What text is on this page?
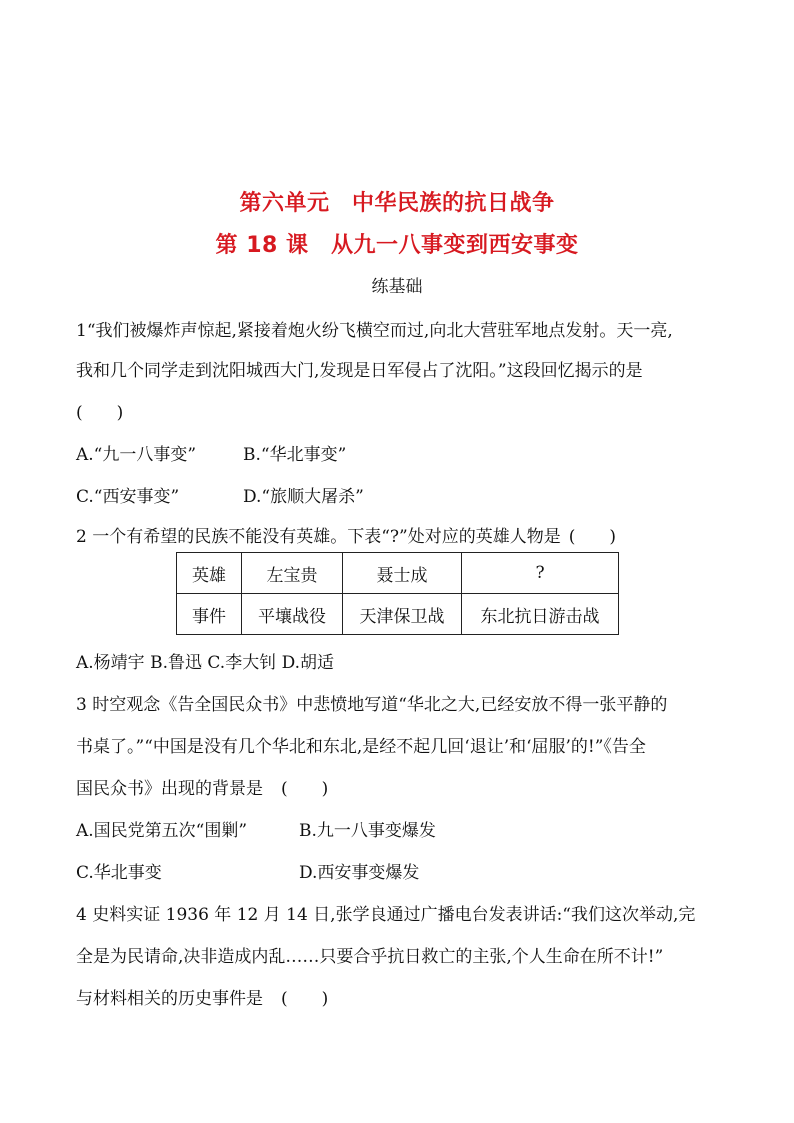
第六单元　中华民族的抗日战争
第 18 课　从九一八事变到西安事变
练基础
1“我们被爆炸声惊起,紧接着炮火纷飞横空而过,向北大营驻军地点发射。天一亮,
我和几个同学走到沈阳城西大门,发现是日军侵占了沈阳。”这段回忆揭示的是
(　　)
A.“九一八事变”	B.“华北事变”
C.“西安事变”	D.“旅顺大屠杀”
2 一个有希望的民族不能没有英雄。下表“?”处对应的英雄人物是 (　　)
英雄	左宝贵	聂士成	?
事件	平壤战役	天津保卫战	东北抗日游击战
A.杨靖宇 B.鲁迅 C.李大钊 D.胡适
3 时空观念《告全国民众书》中悲愤地写道“华北之大,已经安放不得一张平静的
书桌了。”“中国是没有几个华北和东北,是经不起几回‘退让’和‘屈服’的!”《告全
国民众书》出现的背景是 (　　)
A.国民党第五次“围剿”	B.九一八事变爆发
C.华北事变	D.西安事变爆发
4 史料实证 1936 年 12 月 14 日,张学良通过广播电台发表讲话:“我们这次举动,完
全是为民请命,决非造成内乱……只要合乎抗日救亡的主张,个人生命在所不计!”
与材料相关的历史事件是 (　　)
